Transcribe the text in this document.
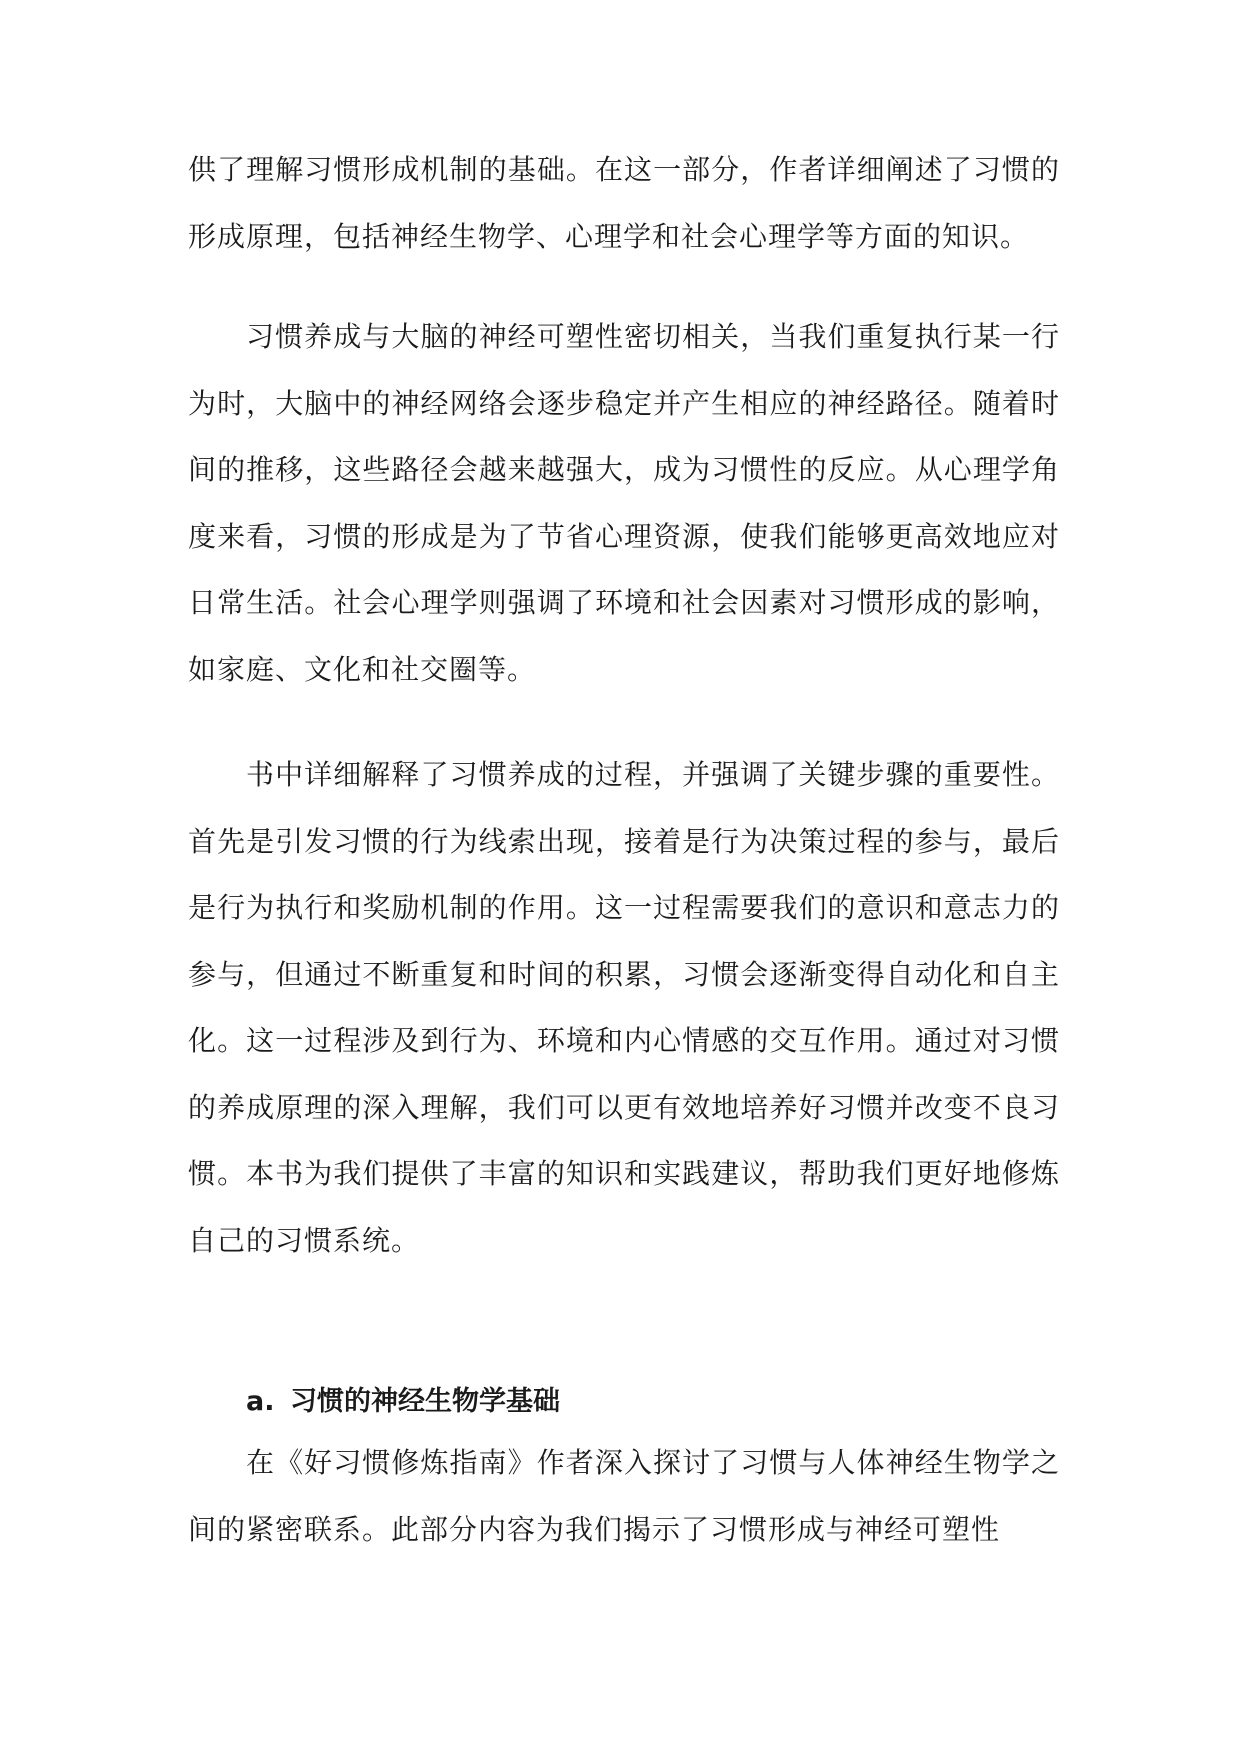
供了理解习惯形成机制的基础。在这一部分，作者详细阐述了习惯的形成原理，包括神经生物学、心理学和社会心理学等方面的知识。

习惯养成与大脑的神经可塑性密切相关，当我们重复执行某一行为时，大脑中的神经网络会逐步稳定并产生相应的神经路径。随着时间的推移，这些路径会越来越强大，成为习惯性的反应。从心理学角度来看，习惯的形成是为了节省心理资源，使我们能够更高效地应对日常生活。社会心理学则强调了环境和社会因素对习惯形成的影响，如家庭、文化和社交圈等。

书中详细解释了习惯养成的过程，并强调了关键步骤的重要性。首先是引发习惯的行为线索出现，接着是行为决策过程的参与，最后是行为执行和奖励机制的作用。这一过程需要我们的意识和意志力的参与，但通过不断重复和时间的积累，习惯会逐渐变得自动化和自主化。这一过程涉及到行为、环境和内心情感的交互作用。通过对习惯的养成原理的深入理解，我们可以更有效地培养好习惯并改变不良习惯。本书为我们提供了丰富的知识和实践建议，帮助我们更好地修炼自己的习惯系统。

a. 习惯的神经生物学基础

在《好习惯修炼指南》作者深入探讨了习惯与人体神经生物学之间的紧密联系。此部分内容为我们揭示了习惯形成与神经可塑性
